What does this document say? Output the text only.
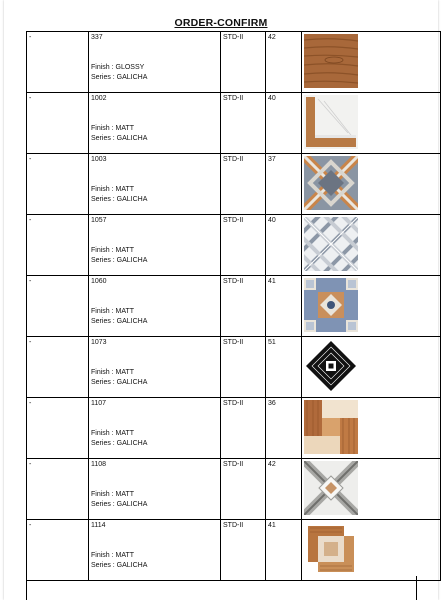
ORDER-CONFIRM
-	337
Finish : GLOSSY
Series : GALICHA	STD-II	42	

-	1002
Finish : MATT
Series : GALICHA	STD-II	40	

-	1003
Finish : MATT
Series : GALICHA	STD-II	37	

-	1057
Finish : MATT
Series : GALICHA	STD-II	40	

-	1060
Finish : MATT
Series : GALICHA	STD-II	41	

-	1073
Finish : MATT
Series : GALICHA	STD-II	51	

-	1107
Finish : MATT
Series : GALICHA	STD-II	36	

-	1108
Finish : MATT
Series : GALICHA	STD-II	42	

-	1114
Finish : MATT
Series : GALICHA	STD-II	41	
